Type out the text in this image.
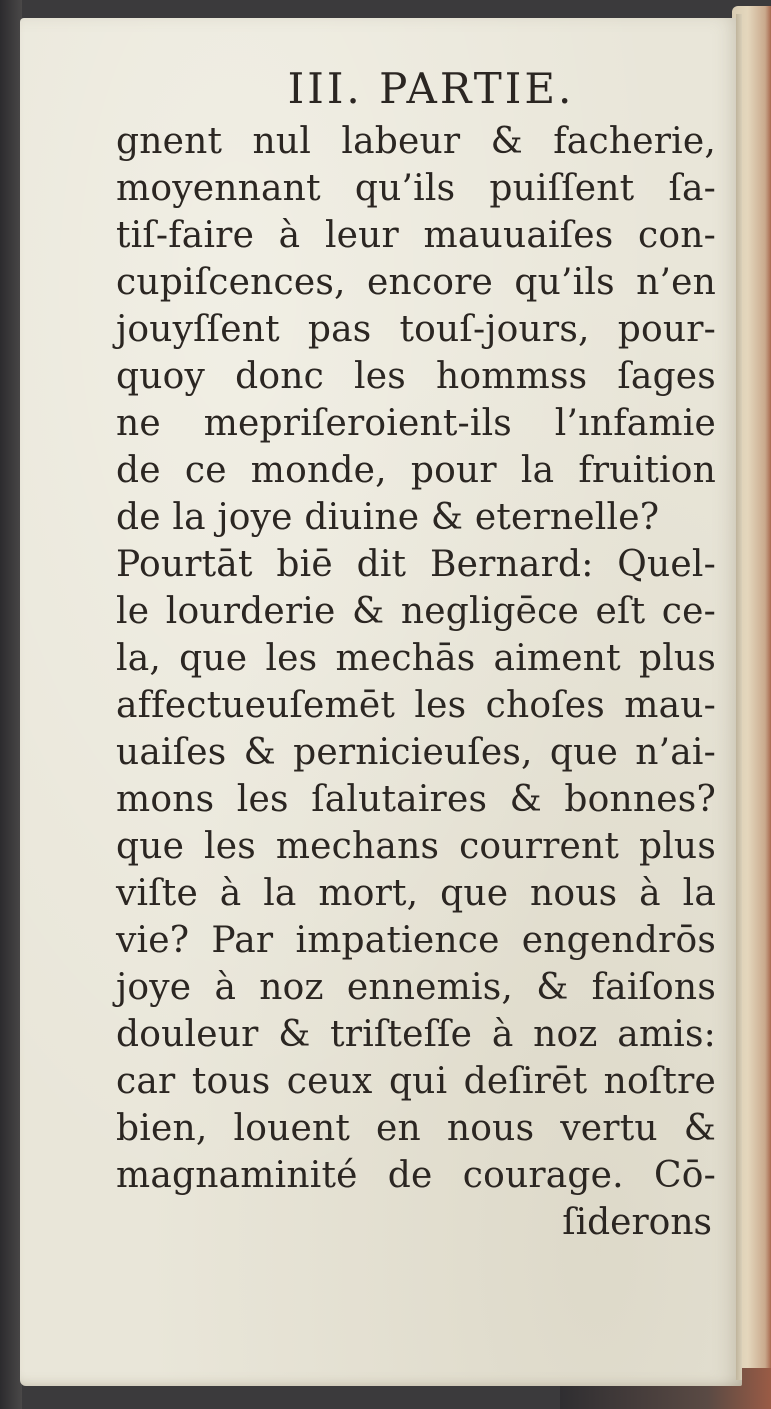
III. PARTIE.
gnent nul labeur & facherie,
moyennant qu’ils puiſſent ſa-
tiſ-faire à leur mauuaiſes con-
cupiſcences, encore qu’ils n’en
jouyſſent pas touſ-jours, pour-
quoy donc les hommss ſages
ne mepriſeroient-ils l’ınfamie
de ce monde, pour la fruition
de la joye diuine & eternelle?
Pourtāt biē dit Bernard: Quel-
le lourderie & negligēce eſt ce-
la, que les mechās aiment plus
affectueuſemēt les choſes mau-
uaiſes & pernicieuſes, que n’ai-
mons les ſalutaires & bonnes?
que les mechans courrent plus
viſte à la mort, que nous à la
vie? Par impatience engendrōs
joye à noz ennemis, & faiſons
douleur & triſteſſe à noz amis:
car tous ceux qui deſirēt noſtre
bien, louent en nous vertu &
magnaminité de courage. Cō-
ſiderons
